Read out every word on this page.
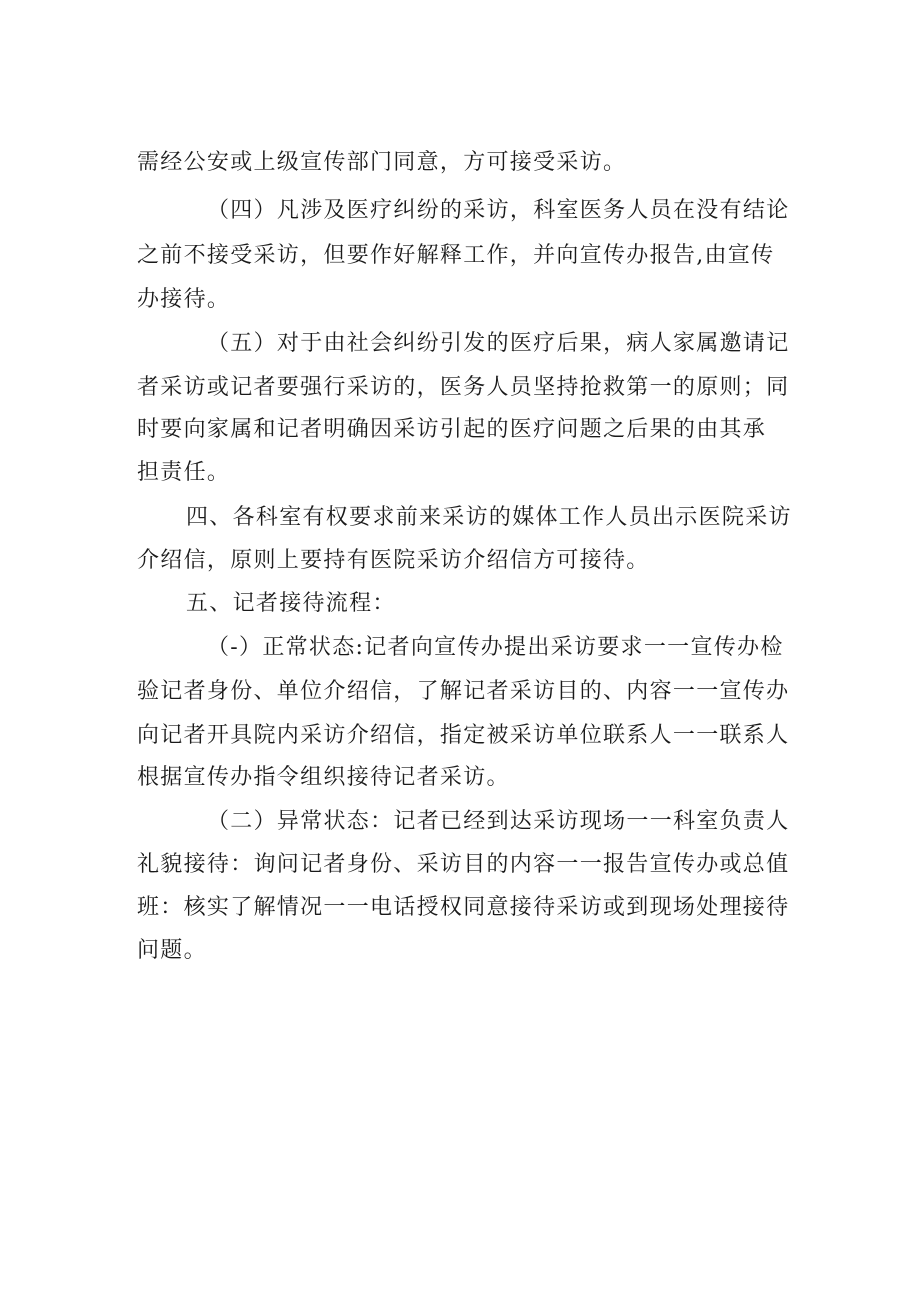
需经公安或上级宣传部门同意，方可接受采访。
（四）凡涉及医疗纠纷的采访，科室医务人员在没有结论
之前不接受采访，但要作好解释工作，并向宣传办报告,由宣传
办接待。
（五）对于由社会纠纷引发的医疗后果，病人家属邀请记
者采访或记者要强行采访的，医务人员坚持抢救第一的原则；同
时要向家属和记者明确因采访引起的医疗问题之后果的由其承
担责任。
四、各科室有权要求前来采访的媒体工作人员出示医院采访
介绍信，原则上要持有医院采访介绍信方可接待。
五、记者接待流程：
（-）正常状态:记者向宣传办提出采访要求一一宣传办检
验记者身份、单位介绍信，了解记者采访目的、内容一一宣传办
向记者开具院内采访介绍信，指定被采访单位联系人一一联系人
根据宣传办指令组织接待记者采访。
（二）异常状态：记者已经到达采访现场一一科室负责人
礼貌接待：询问记者身份、采访目的内容一一报告宣传办或总值
班：核实了解情况一一电话授权同意接待采访或到现场处理接待
问题。
